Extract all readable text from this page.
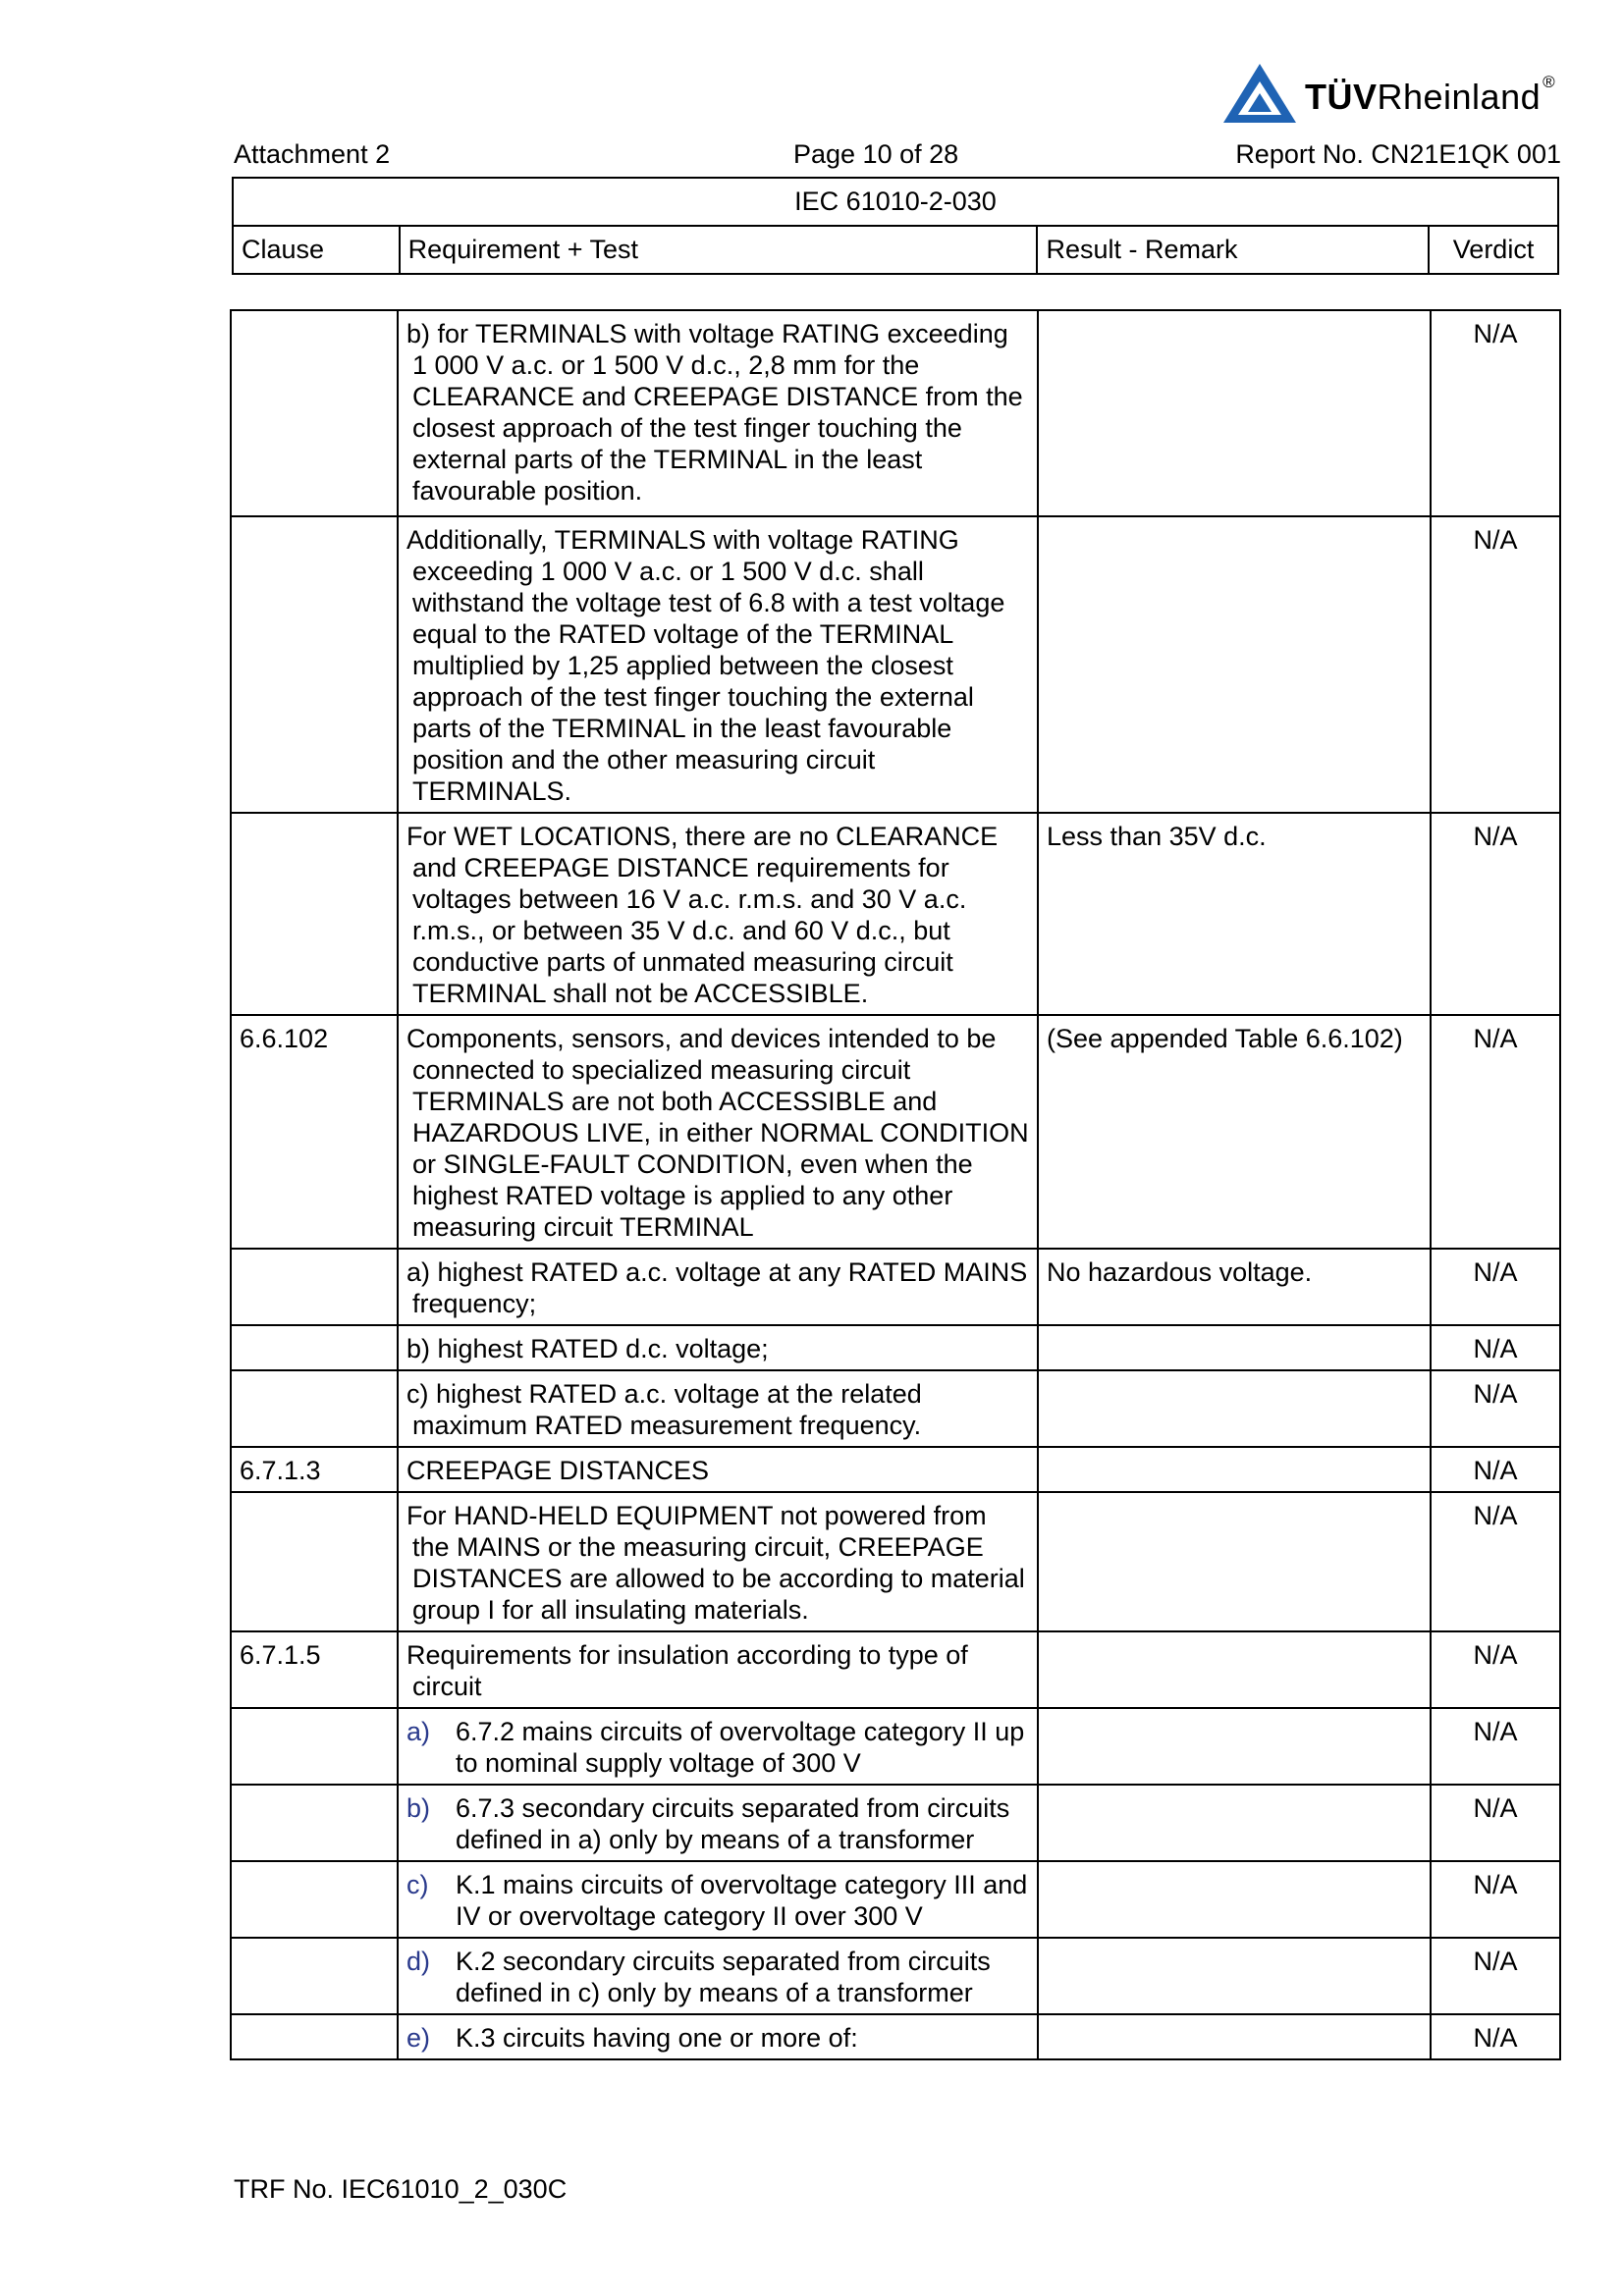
TÜVRheinland ®
Attachment 2	Page 10 of 28	Report No. CN21E1QK 001
IEC 61010-2-030
Clause	Requirement + Test	Result - Remark	Verdict

	b) for TERMINALS with voltage RATING exceeding 1 000 V a.c. or 1 500 V d.c., 2,8 mm for the CLEARANCE and CREEPAGE DISTANCE from the closest approach of the test finger touching the external parts of the TERMINAL in the least favourable position.		N/A

	Additionally, TERMINALS with voltage RATING exceeding 1 000 V a.c. or 1 500 V d.c. shall withstand the voltage test of 6.8 with a test voltage equal to the RATED voltage of the TERMINAL multiplied by 1,25 applied between the closest approach of the test finger touching the external parts of the TERMINAL in the least favourable position and the other measuring circuit TERMINALS.		N/A

	For WET LOCATIONS, there are no CLEARANCE and CREEPAGE DISTANCE requirements for voltages between 16 V a.c. r.m.s. and 30 V a.c. r.m.s., or between 35 V d.c. and 60 V d.c., but conductive parts of unmated measuring circuit TERMINAL shall not be ACCESSIBLE.	Less than 35V d.c.	N/A
6.6.102	Components, sensors, and devices intended to be connected to specialized measuring circuit TERMINALS are not both ACCESSIBLE and HAZARDOUS LIVE, in either NORMAL CONDITION or SINGLE-FAULT CONDITION, even when the highest RATED voltage is applied to any other measuring circuit TERMINAL	(See appended Table 6.6.102)	N/A

	a) highest RATED a.c. voltage at any RATED MAINS frequency;	No hazardous voltage.	N/A

	b) highest RATED d.c. voltage;		N/A

	c) highest RATED a.c. voltage at the related maximum RATED measurement frequency.		N/A
6.7.1.3	CREEPAGE DISTANCES		N/A

	For HAND-HELD EQUIPMENT not powered from the MAINS or the measuring circuit, CREEPAGE DISTANCES are allowed to be according to material group I for all insulating materials.		N/A
6.7.1.5	Requirements for insulation according to type of circuit		N/A

	a) 6.7.2 mains circuits of overvoltage category II up to nominal supply voltage of 300 V		N/A

	b) 6.7.3 secondary circuits separated from circuits defined in a) only by means of a transformer		N/A

	c) K.1 mains circuits of overvoltage category III and IV or overvoltage category II over 300 V		N/A

	d) K.2 secondary circuits separated from circuits defined in c) only by means of a transformer		N/A

	e) K.3 circuits having one or more of:		N/A
TRF No. IEC61010_2_030C
